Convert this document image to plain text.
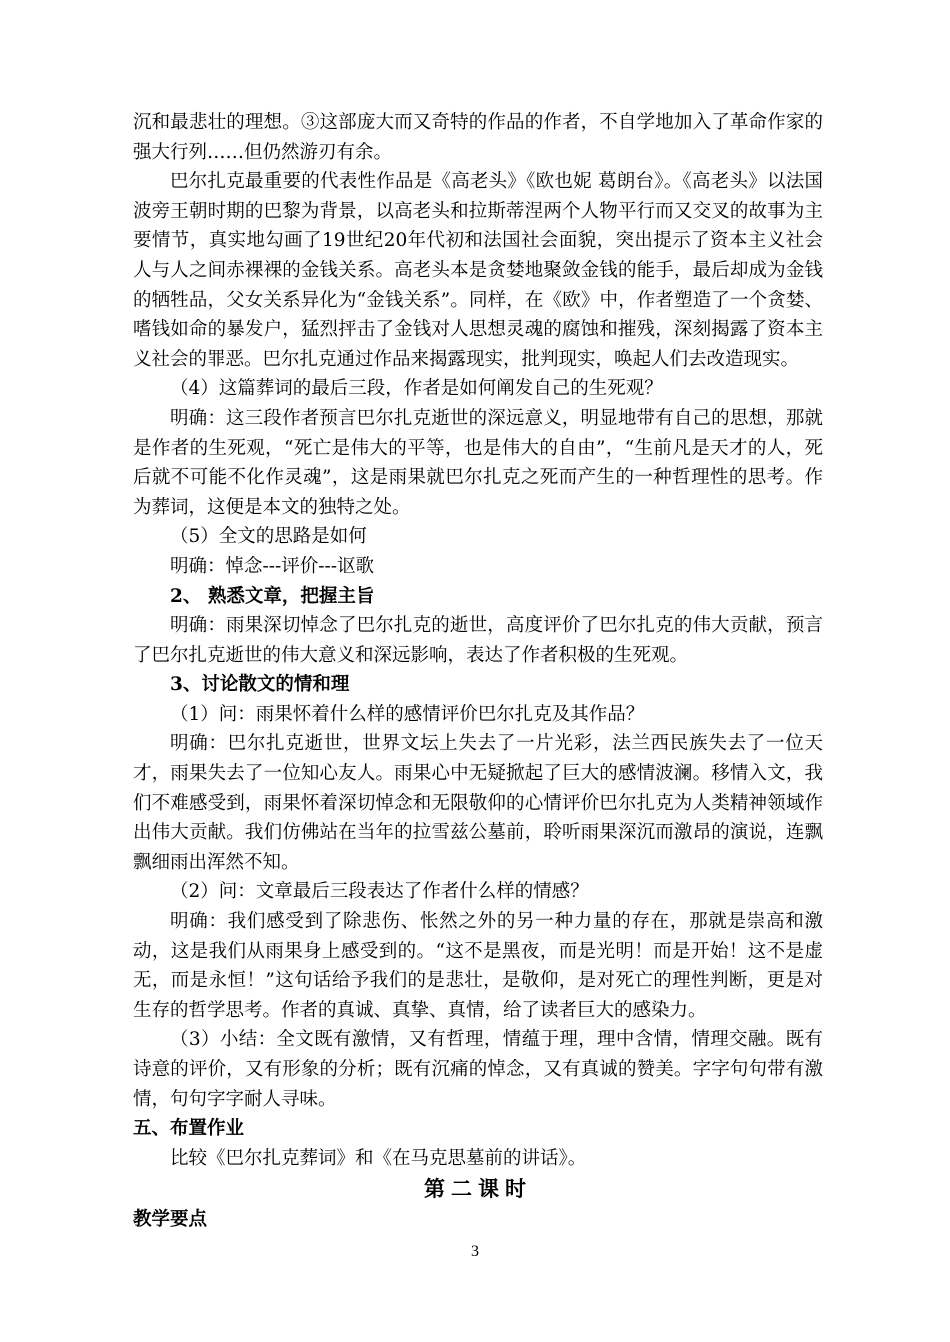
沉和最悲壮的理想。③这部庞大而又奇特的作品的作者，不自学地加入了革命作家的强大行列……但仍然游刃有余。

巴尔扎克最重要的代表性作品是《高老头》《欧也妮 葛朗台》。《高老头》以法国波旁王朝时期的巴黎为背景，以高老头和拉斯蒂涅两个人物平行而又交叉的故事为主要情节，真实地勾画了19世纪20年代初和法国社会面貌，突出提示了资本主义社会人与人之间赤裸裸的金钱关系。高老头本是贪婪地聚敛金钱的能手，最后却成为金钱的牺牲品，父女关系异化为“金钱关系”。同样，在《欧》中，作者塑造了一个贪婪、嗜钱如命的暴发户，猛烈抨击了金钱对人思想灵魂的腐蚀和摧残，深刻揭露了资本主义社会的罪恶。巴尔扎克通过作品来揭露现实，批判现实，唤起人们去改造现实。

（4）这篇葬词的最后三段，作者是如何阐发自己的生死观？

明确：这三段作者预言巴尔扎克逝世的深远意义，明显地带有自己的思想，那就是作者的生死观，“死亡是伟大的平等，也是伟大的自由”，“生前凡是天才的人，死后就不可能不化作灵魂”，这是雨果就巴尔扎克之死而产生的一种哲理性的思考。作为葬词，这便是本文的独特之处。

（5）全文的思路是如何

明确：悼念---评价---讴歌

2、 熟悉文章，把握主旨

明确：雨果深切悼念了巴尔扎克的逝世，高度评价了巴尔扎克的伟大贡献，预言了巴尔扎克逝世的伟大意义和深远影响，表达了作者积极的生死观。

3、讨论散文的情和理

（1）问：雨果怀着什么样的感情评价巴尔扎克及其作品？

明确：巴尔扎克逝世，世界文坛上失去了一片光彩，法兰西民族失去了一位天才，雨果失去了一位知心友人。雨果心中无疑掀起了巨大的感情波澜。移情入文，我们不难感受到，雨果怀着深切悼念和无限敬仰的心情评价巴尔扎克为人类精神领域作出伟大贡献。我们仿佛站在当年的拉雪兹公墓前，聆听雨果深沉而激昂的演说，连飘飘细雨出浑然不知。

（2）问：文章最后三段表达了作者什么样的情感？

明确：我们感受到了除悲伤、怅然之外的另一种力量的存在，那就是崇高和激动，这是我们从雨果身上感受到的。“这不是黑夜，而是光明！而是开始！这不是虚无，而是永恒！”这句话给予我们的是悲壮，是敬仰，是对死亡的理性判断，更是对生存的哲学思考。作者的真诚、真挚、真情，给了读者巨大的感染力。

（3）小结：全文既有激情，又有哲理，情蕴于理，理中含情，情理交融。既有诗意的评价，又有形象的分析；既有沉痛的悼念，又有真诚的赞美。字字句句带有激情，句句字字耐人寻味。

五、布置作业

比较《巴尔扎克葬词》和《在马克思墓前的讲话》。

第二课时

教学要点

3
